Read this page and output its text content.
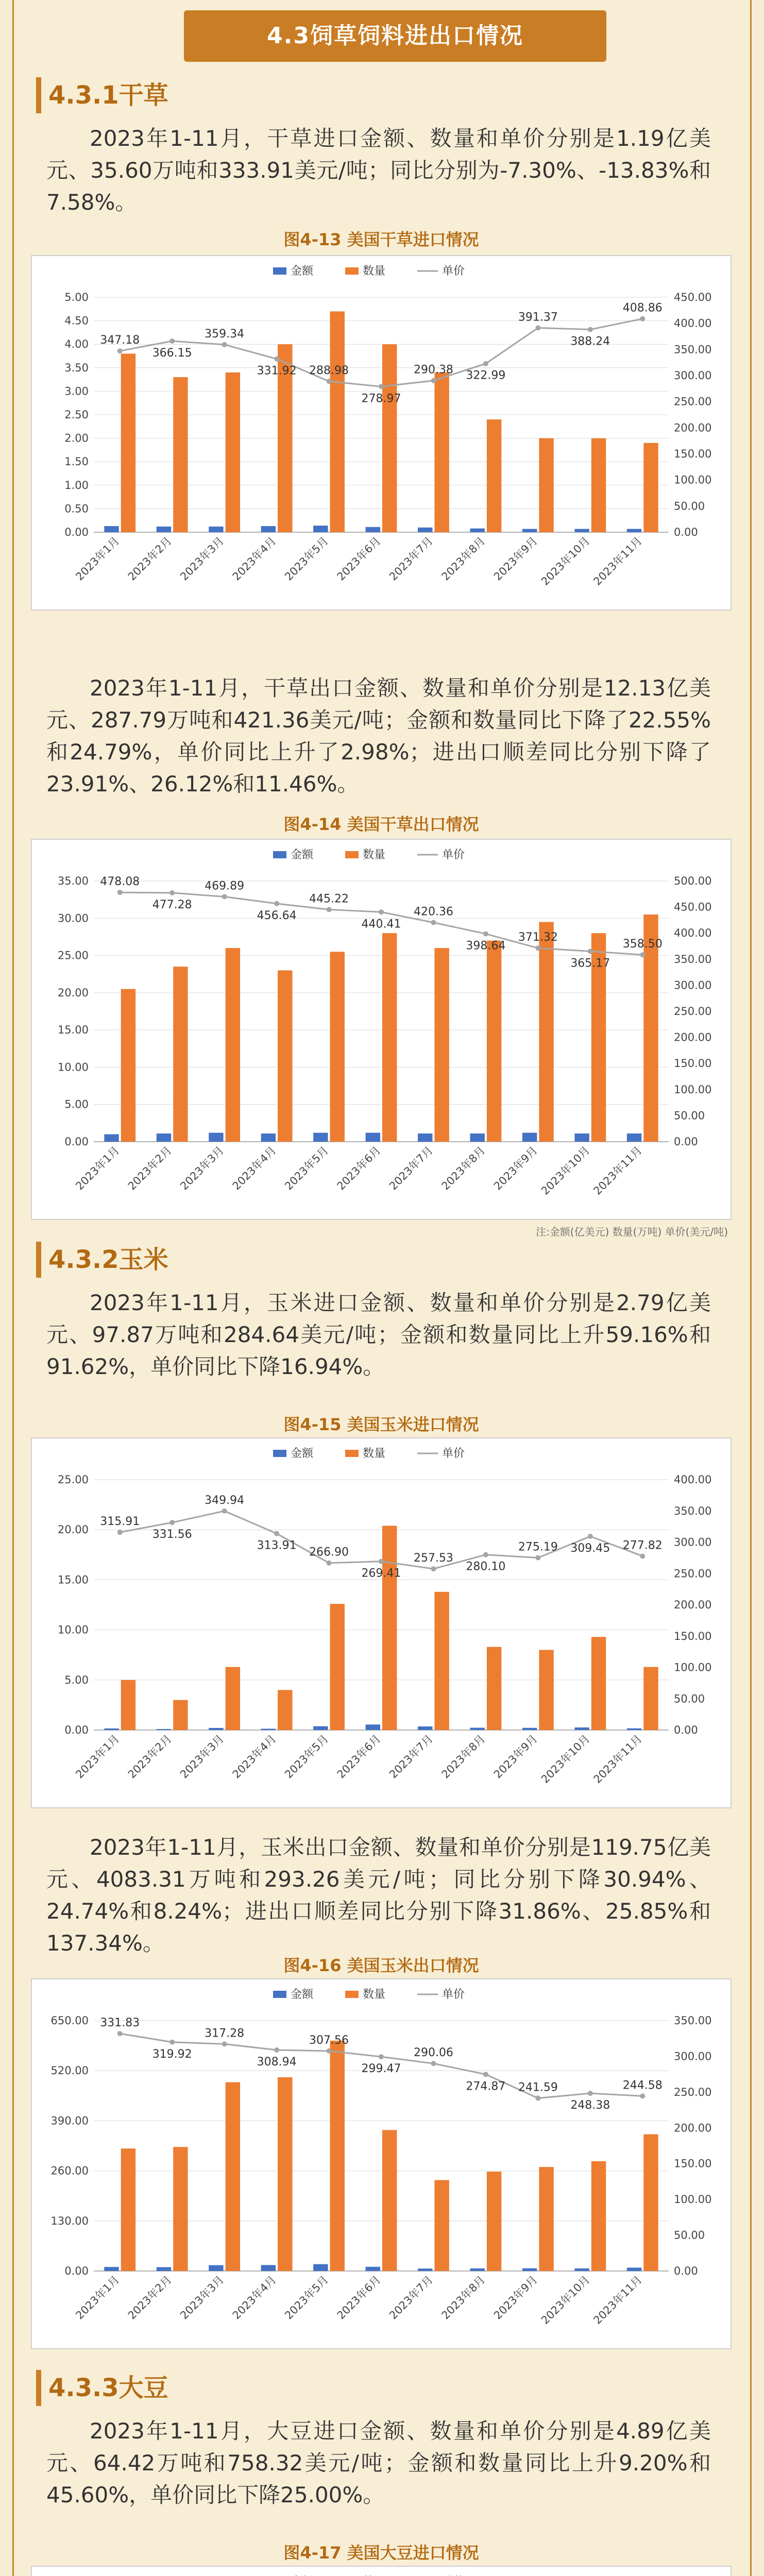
4.3饲草饲料进出口情况
4.3.1干草
2023年1-11月，干草进口金额、数量和单价分别是1.19亿美元、35.60万吨和333.91美元/吨；同比分别为-7.30%、-13.83%和7.58%。
图4-13 美国干草进口情况
金额	数量	单价
0.00
0.50
1.00
1.50
2.00
2.50
3.00
3.50
4.00
4.50
5.00
0.00
50.00
100.00
150.00
200.00
250.00
300.00
350.00
400.00
450.00
2023年1月 2023年2月 2023年3月 2023年4月 2023年5月 2023年6月 2023年7月 2023年8月 2023年9月
2023年10月
2023年11月
347.18
366.15
359.34
331.92 288.98
278.97
290.38 322.99
391.37
388.24
408.86
2023年1-11月，干草出口金额、数量和单价分别是12.13亿美元、287.79万吨和421.36美元/吨；金额和数量同比下降了22.55%和24.79%，单价同比上升了2.98%；进出口顺差同比分别下降了23.91%、26.12%和11.46%。
图4-14 美国干草出口情况
金额	数量	单价
0.00
5.00
10.00
15.00
20.00
25.00
30.00
35.00
0.00
50.00
100.00
150.00
200.00
250.00
300.00
350.00
400.00
450.00
500.00
2023年1月 2023年2月 2023年3月 2023年4月 2023年5月 2023年6月 2023年7月 2023年8月 2023年9月
2023年10月
2023年11月
478.08
477.28
469.89
456.64
445.22
440.41
420.36
398.64
371.32
365.17
358.50
注:金额(亿美元) 数量(万吨) 单价(美元/吨)
4.3.2玉米
2023年1-11月，玉米进口金额、数量和单价分别是2.79亿美元、97.87万吨和284.64美元/吨；金额和数量同比上升59.16%和91.62%，单价同比下降16.94%。
图4-15 美国玉米进口情况
金额	数量	单价
0.00
5.00
10.00
15.00
20.00
25.00
0.00
50.00
100.00
150.00
200.00
250.00
300.00
350.00
400.00
2023年1月 2023年2月 2023年3月 2023年4月 2023年5月 2023年6月 2023年7月 2023年8月 2023年9月
2023年10月
2023年11月
315.91
331.56
349.94
313.91
266.90
269.41
257.53
280.10
275.19 309.45 277.82
2023年1-11月，玉米出口金额、数量和单价分别是119.75亿美元、4083.31万吨和293.26美元/吨；同比分别下降30.94%、24.74%和8.24%；进出口顺差同比分别下降31.86%、25.85%和137.34%。
图4-16 美国玉米出口情况
金额	数量	单价
0.00
130.00
260.00
390.00
520.00
650.00
0.00
50.00
100.00
150.00
200.00
250.00
300.00
350.00
2023年1月 2023年2月 2023年3月 2023年4月 2023年5月 2023年6月 2023年7月 2023年8月 2023年9月
2023年10月
2023年11月
331.83
319.92
317.28
308.94
307.56
299.47
290.06
274.87 241.59
248.38
244.58
4.3.3大豆
2023年1-11月，大豆进口金额、数量和单价分别是4.89亿美元、64.42万吨和758.32美元/吨；金额和数量同比上升9.20%和45.60%，单价同比下降25.00%。
图4-17 美国大豆进口情况
